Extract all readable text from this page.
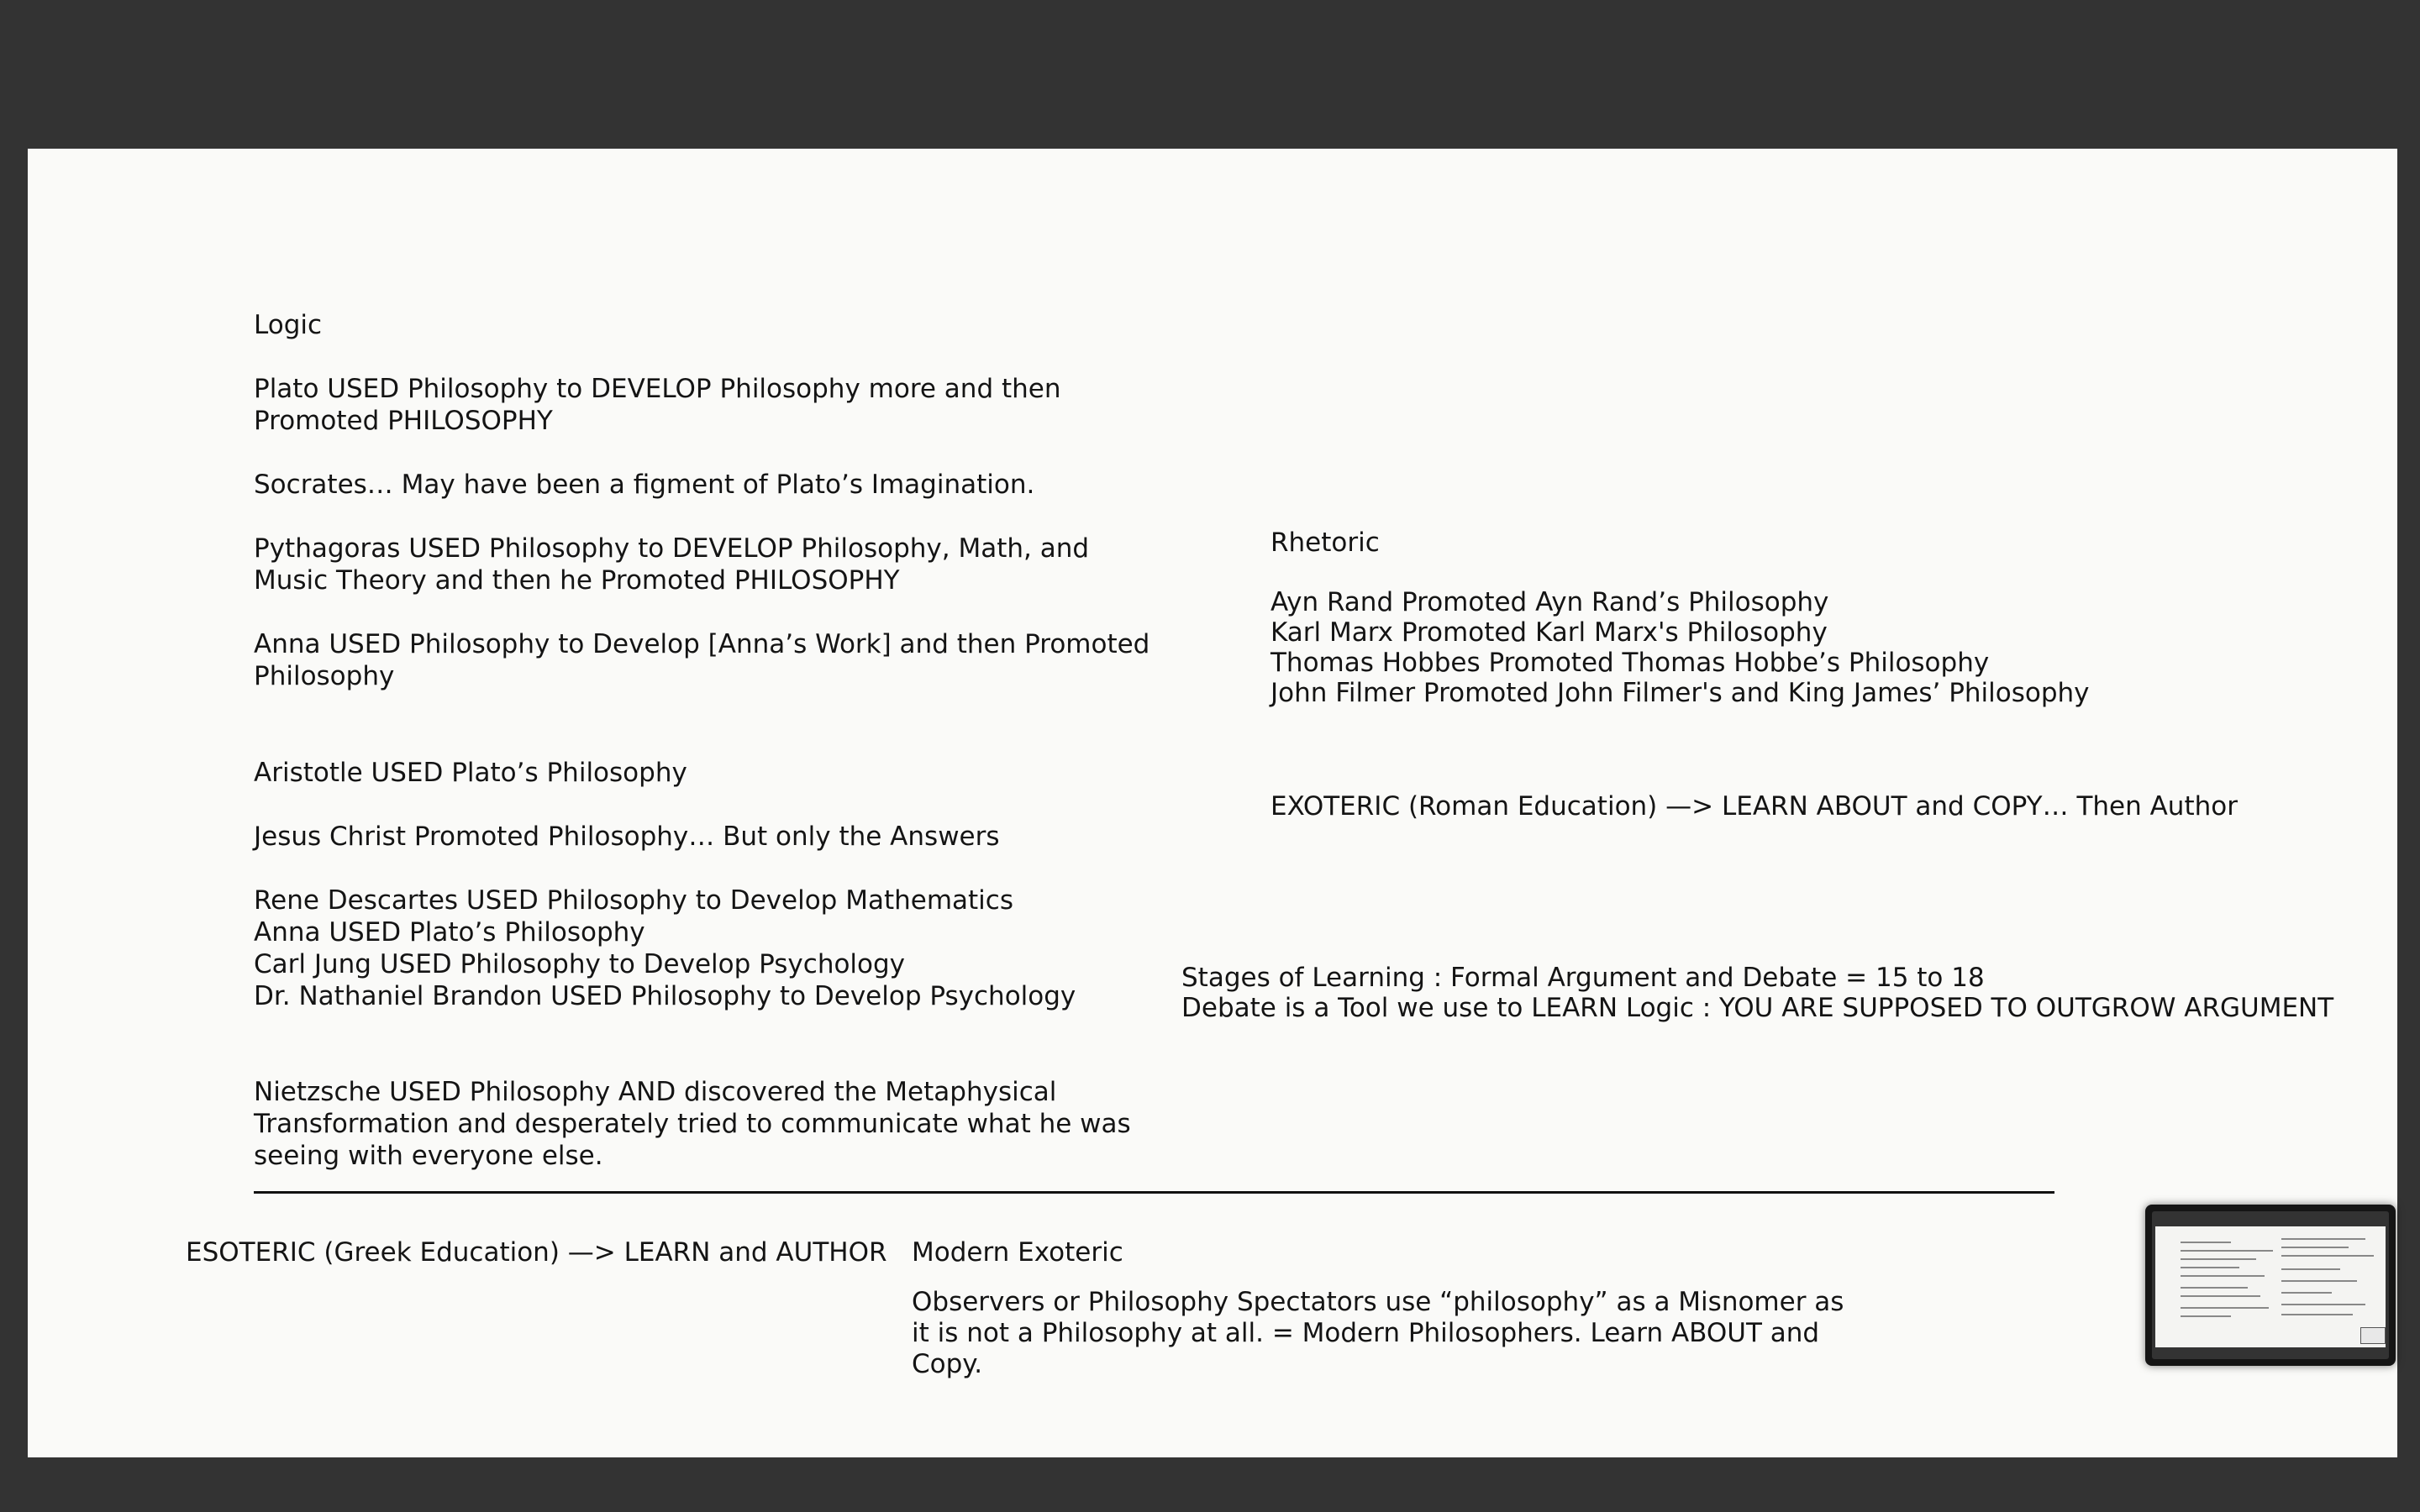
Logic
Plato USED Philosophy to DEVELOP Philosophy more and then Promoted PHILOSOPHY
Socrates… May have been a figment of Plato’s Imagination.
Pythagoras USED Philosophy to DEVELOP Philosophy, Math, and Music Theory and then he Promoted PHILOSOPHY
Anna USED Philosophy to Develop [Anna’s Work] and then Promoted Philosophy
Aristotle USED Plato’s Philosophy
Jesus Christ Promoted Philosophy… But only the Answers
Rene Descartes USED Philosophy to Develop Mathematics
Anna USED Plato’s Philosophy
Carl Jung USED Philosophy to Develop Psychology
Dr. Nathaniel Brandon USED Philosophy to Develop Psychology
Nietzsche USED Philosophy AND discovered the Metaphysical Transformation and desperately tried to communicate what he was seeing with everyone else.
Rhetoric
Ayn Rand Promoted Ayn Rand’s Philosophy
Karl Marx Promoted Karl Marx's Philosophy
Thomas Hobbes Promoted Thomas Hobbe’s Philosophy
John Filmer Promoted John Filmer's and King James’ Philosophy
EXOTERIC (Roman Education) —> LEARN ABOUT and COPY… Then Author
Stages of Learning : Formal Argument and Debate = 15 to 18
Debate is a Tool we use to LEARN Logic : YOU ARE SUPPOSED TO OUTGROW ARGUMENT
ESOTERIC (Greek Education) —> LEARN and AUTHOR Modern Exoteric
Observers or Philosophy Spectators use “philosophy” as a Misnomer as it is not a Philosophy at all. = Modern Philosophers. Learn ABOUT and Copy.
